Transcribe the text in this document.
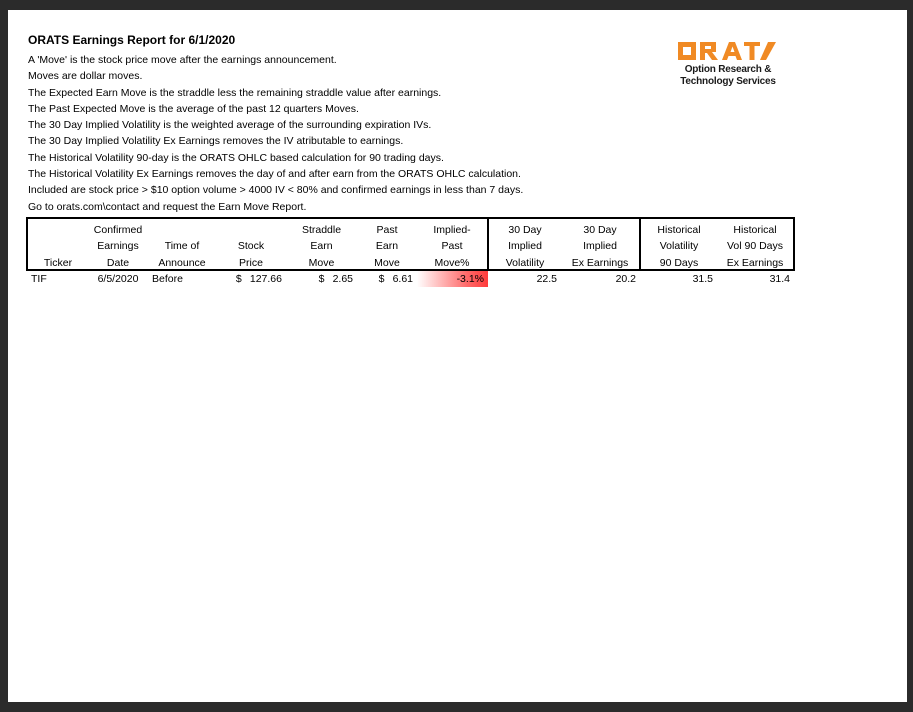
ORATS Earnings Report for 6/1/2020
A 'Move' is the stock price move after the earnings announcement.
Moves are dollar moves.
The Expected Earn Move is the straddle less the remaining straddle value after earnings.
The Past Expected Move is the average of the past 12 quarters Moves.
The 30 Day Implied Volatility is the weighted average of the surrounding expiration IVs.
The 30 Day Implied Volatility Ex Earnings removes the IV atributable to earnings.
The Historical Volatility 90-day is the ORATS OHLC based calculation for 90 trading days.
The Historical Volatility Ex Earnings removes the day of and after earn from the ORATS OHLC calculation.
Included are stock price > $10 option volume > 4000 IV < 80% and confirmed earnings in less than 7 days.
Go to orats.com\contact and request the Earn Move Report.
Option Research &
Technology Services
	Confirmed			Straddle	Past	Implied-	30 Day	30 Day	Historical	Historical
	Earnings	Time of	Stock	Earn	Earn	Past	Implied	Implied	Volatility	Vol 90 Days
Ticker	Date	Announce	Price	Move	Move	Move%	Volatility	Ex Earnings	90 Days	Ex Earnings
TIF	6/5/2020	Before	$ 127.66	$ 2.65	$ 6.61	-3.1%	22.5	20.2	31.5	31.4
